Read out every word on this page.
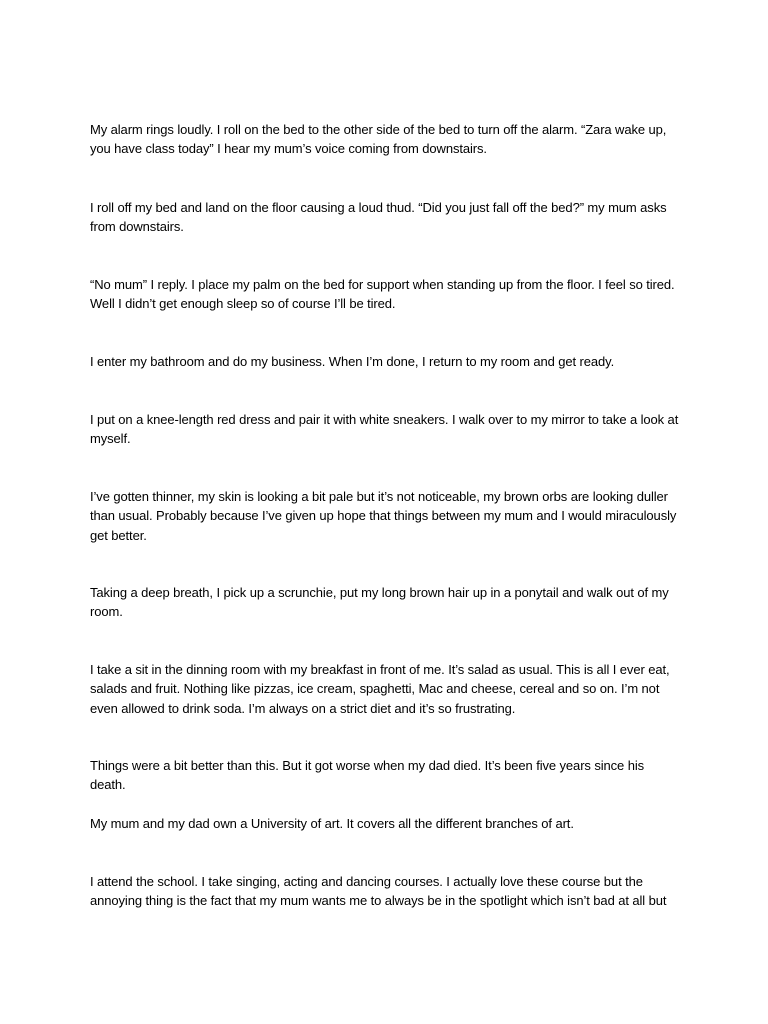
My alarm rings loudly. I roll on the bed to the other side of the bed to turn off the alarm. “Zara wake up, you have class today” I hear my mum’s voice coming from downstairs.

I roll off my bed and land on the floor causing a loud thud. “Did you just fall off the bed?” my mum asks from downstairs.

“No mum” I reply. I place my palm on the bed for support when standing up from the floor. I feel so tired. Well I didn’t get enough sleep so of course I’ll be tired.

I enter my bathroom and do my business. When I’m done, I return to my room and get ready.

I put on a knee-length red dress and pair it with white sneakers. I walk over to my mirror to take a look at myself.

I’ve gotten thinner, my skin is looking a bit pale but it’s not noticeable, my brown orbs are looking duller than usual. Probably because I’ve given up hope that things between my mum and I would miraculously get better.

Taking a deep breath, I pick up a scrunchie, put my long brown hair up in a ponytail and walk out of my room.

I take a sit in the dinning room with my breakfast in front of me. It’s salad as usual. This is all I ever eat, salads and fruit. Nothing like pizzas, ice cream, spaghetti, Mac and cheese, cereal and so on. I’m not even allowed to drink soda. I’m always on a strict diet and it’s so frustrating.

Things were a bit better than this. But it got worse when my dad died. It’s been five years since his death.

My mum and my dad own a University of art. It covers all the different branches of art.

I attend the school. I take singing, acting and dancing courses. I actually love these course but the annoying thing is the fact that my mum wants me to always be in the spotlight which isn’t bad at all but
